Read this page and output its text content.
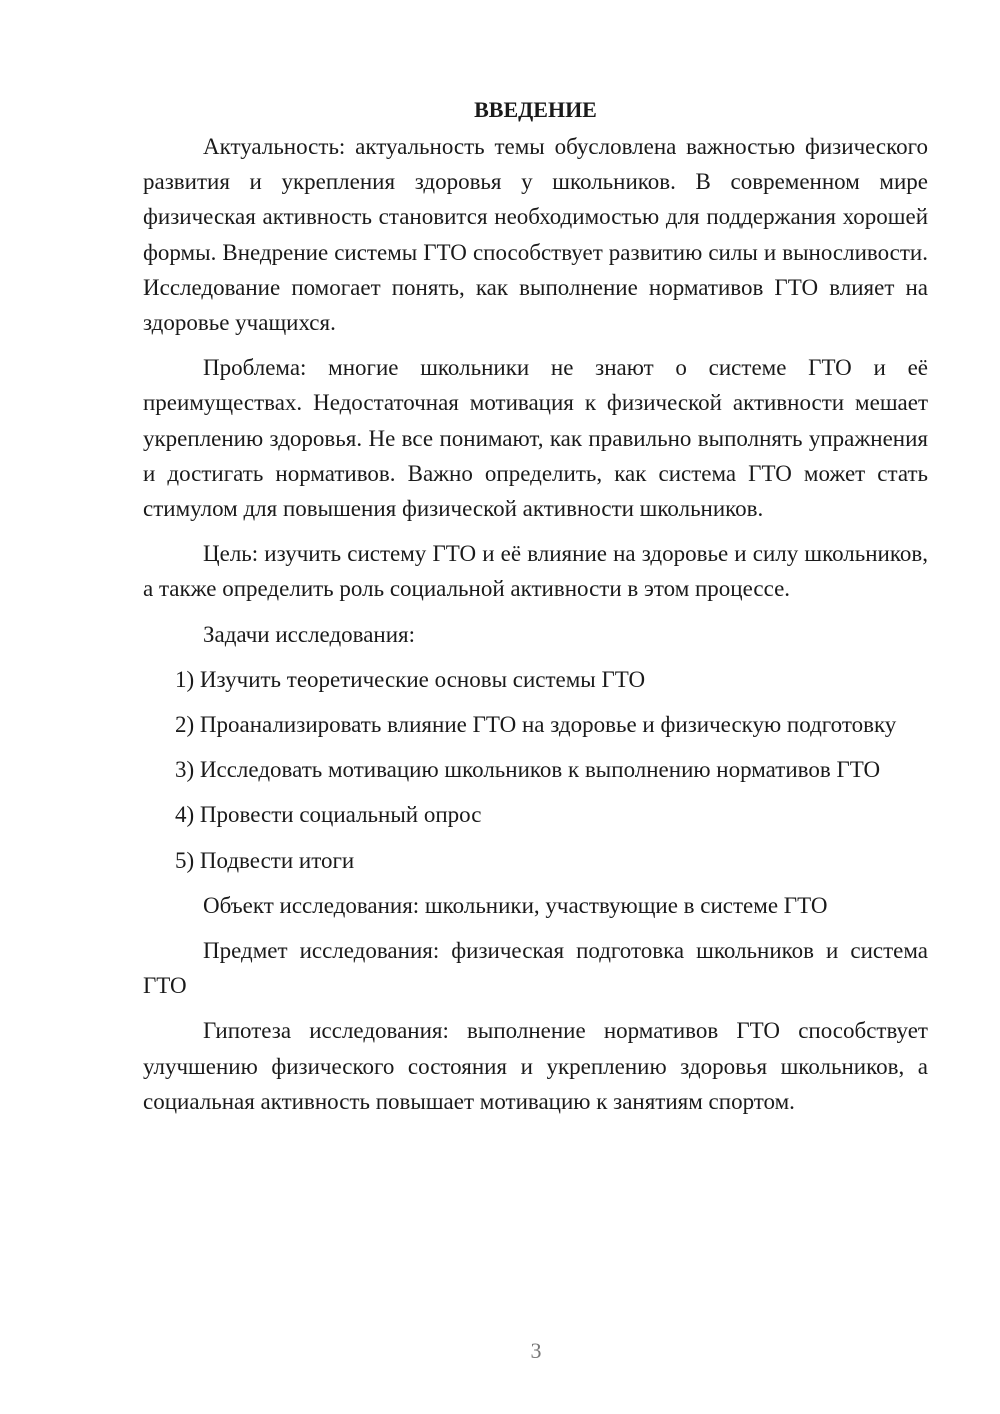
ВВЕДЕНИЕ

Актуальность: актуальность темы обусловлена важностью физического развития и укрепления здоровья у школьников. В современном мире физическая активность становится необходимостью для поддержания хорошей формы. Внедрение системы ГТО способствует развитию силы и выносливости. Исследование помогает понять, как выполнение нормативов ГТО влияет на здоровье учащихся.

Проблема: многие школьники не знают о системе ГТО и её преимуществах. Недостаточная мотивация к физической активности мешает укреплению здоровья. Не все понимают, как правильно выполнять упражнения и достигать нормативов. Важно определить, как система ГТО может стать стимулом для повышения физической активности школьников.

Цель: изучить систему ГТО и её влияние на здоровье и силу школьников, а также определить роль социальной активности в этом процессе.

Задачи исследования:

1) Изучить теоретические основы системы ГТО

2) Проанализировать влияние ГТО на здоровье и физическую подготовку

3) Исследовать мотивацию школьников к выполнению нормативов ГТО

4) Провести социальный опрос

5) Подвести итоги

Объект исследования: школьники, участвующие в системе ГТО

Предмет исследования: физическая подготовка школьников и система ГТО

Гипотеза исследования: выполнение нормативов ГТО способствует улучшению физического состояния и укреплению здоровья школьников, а социальная активность повышает мотивацию к занятиям спортом.

3
